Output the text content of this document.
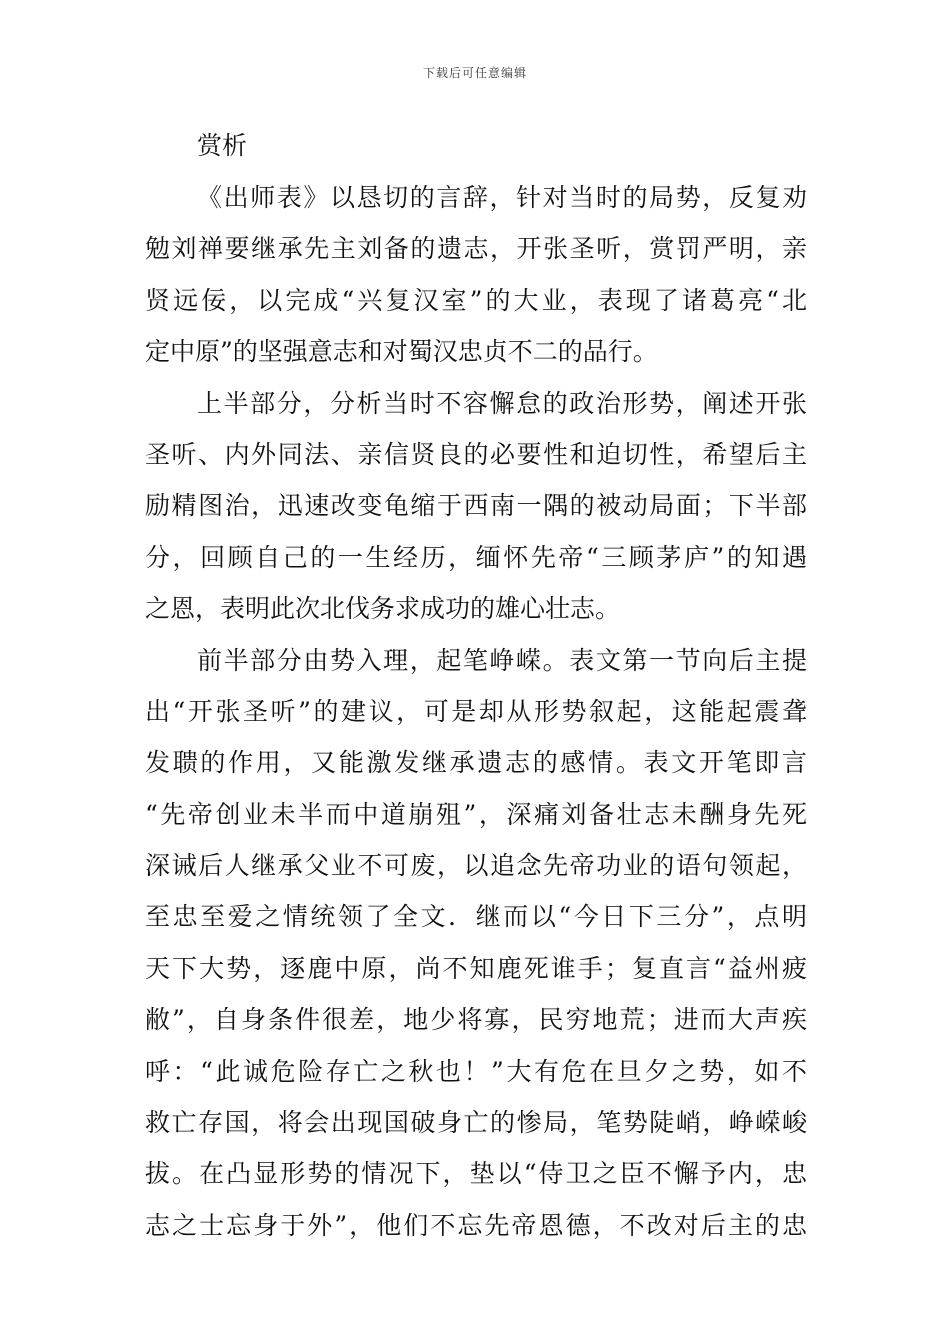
下载后可任意编辑
赏析
《出师表》以恳切的言辞，针对当时的局势，反复劝
勉刘禅要继承先主刘备的遗志，开张圣听，赏罚严明，亲
贤远佞，以完成“兴复汉室”的大业，表现了诸葛亮“北
定中原”的坚强意志和对蜀汉忠贞不二的品行。
上半部分，分析当时不容懈怠的政治形势，阐述开张
圣听、内外同法、亲信贤良的必要性和迫切性，希望后主
励精图治，迅速改变龟缩于西南一隅的被动局面；下半部
分，回顾自己的一生经历，缅怀先帝“三顾茅庐”的知遇
之恩，表明此次北伐务求成功的雄心壮志。
前半部分由势入理，起笔峥嵘。表文第一节向后主提
出“开张圣听”的建议，可是却从形势叙起，这能起震聋
发聩的作用，又能激发继承遗志的感情。表文开笔即言
“先帝创业未半而中道崩殂”，深痛刘备壮志未酬身先死
深诫后人继承父业不可废，以追念先帝功业的语句领起，
至忠至爱之情统领了全文．继而以“今日下三分”，点明
天下大势，逐鹿中原，尚不知鹿死谁手；复直言“益州疲
敝”，自身条件很差，地少将寡，民穷地荒；进而大声疾
呼：“此诚危险存亡之秋也！”大有危在旦夕之势，如不
救亡存国，将会出现国破身亡的惨局，笔势陡峭，峥嵘峻
拔。在凸显形势的情况下，垫以“侍卫之臣不懈予内，忠
志之士忘身于外”，他们不忘先帝恩德，不改对后主的忠
